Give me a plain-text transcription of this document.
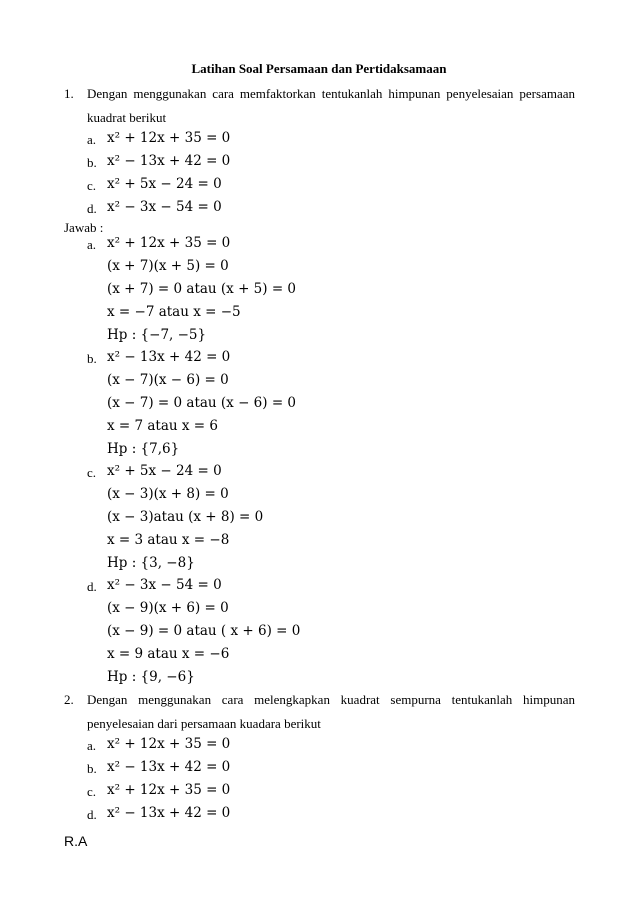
Latihan Soal Persamaan dan Pertidaksamaan
1. Dengan menggunakan cara memfaktorkan tentukanlah himpunan penyelesaian persamaan
kuadrat berikut
a. x² + 12x + 35 = 0
b. x² − 13x + 42 = 0
c. x² + 5x − 24 = 0
d. x² − 3x − 54 = 0
Jawab :
a. x² + 12x + 35 = 0
(x + 7)(x + 5) = 0
(x + 7) = 0 atau (x + 5) = 0
x = −7 atau x = −5
Hp : {−7, −5}
b. x² − 13x + 42 = 0
(x − 7)(x − 6) = 0
(x − 7) = 0 atau (x − 6) = 0
x = 7 atau x = 6
Hp : {7,6}
c. x² + 5x − 24 = 0
(x − 3)(x + 8) = 0
(x − 3)atau (x + 8) = 0
x = 3 atau x = −8
Hp : {3, −8}
d. x² − 3x − 54 = 0
(x − 9)(x + 6) = 0
(x − 9) = 0 atau ( x + 6) = 0
x = 9 atau x = −6
Hp : {9, −6}
2. Dengan menggunakan cara melengkapkan kuadrat sempurna tentukanlah himpunan
penyelesaian dari persamaan kuadara berikut
a. x² + 12x + 35 = 0
b. x² − 13x + 42 = 0
c. x² + 12x + 35 = 0
d. x² − 13x + 42 = 0
R.A
